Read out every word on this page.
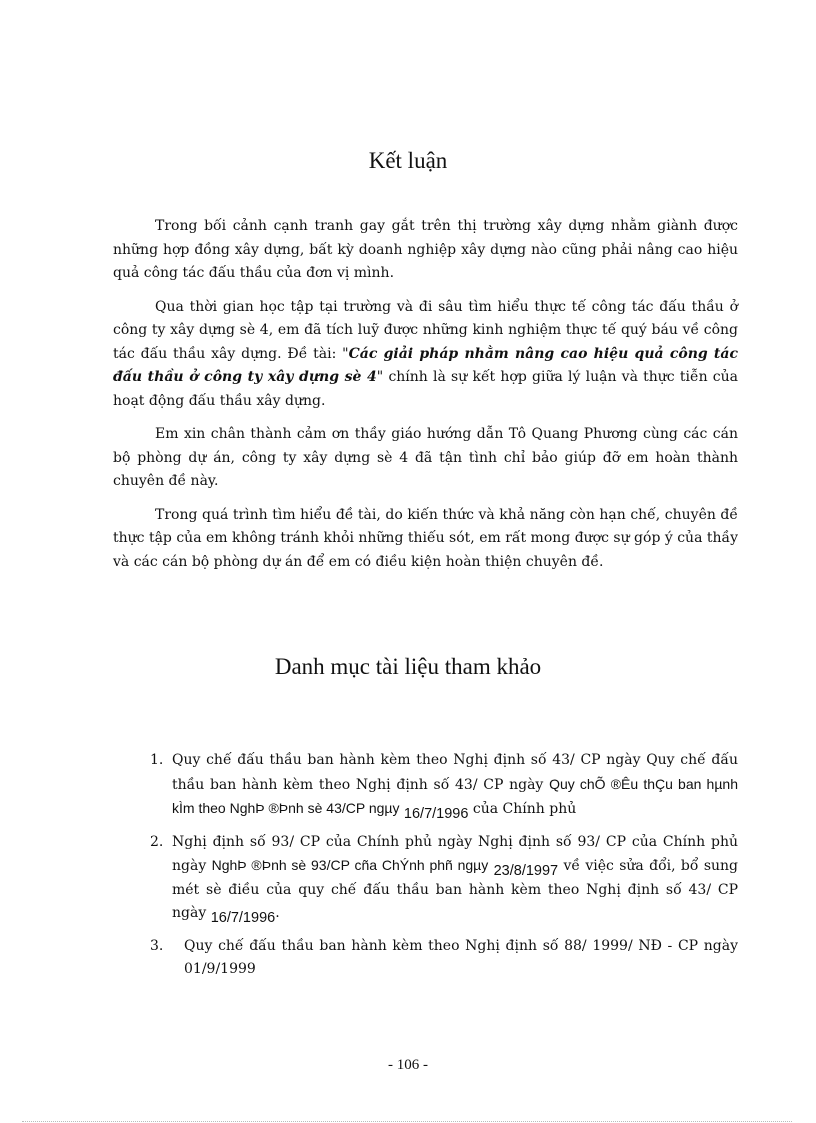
Kết luận

Trong bối cảnh cạnh tranh gay gắt trên thị trường xây dựng nhằm giành được những hợp đồng xây dựng, bất kỳ doanh nghiệp xây dựng nào cũng phải nâng cao hiệu quả công tác đấu thầu của đơn vị mình.

Qua thời gian học tập tại trường và đi sâu tìm hiểu thực tế công tác đấu thầu ở công ty xây dựng sè 4, em đã tích luỹ được những kinh nghiệm thực tế quý báu về công tác đấu thầu xây dựng. Đề tài: "Các giải pháp nhằm nâng cao hiệu quả công tác đấu thầu ở công ty xây dựng sè 4" chính là sự kết hợp giữa lý luận và thực tiễn của hoạt động đấu thầu xây dựng.

Em xin chân thành cảm ơn thầy giáo hướng dẫn Tô Quang Phương cùng các cán bộ phòng dự án, công ty xây dựng sè 4 đã tận tình chỉ bảo giúp đỡ em hoàn thành chuyên đề này.

Trong quá trình tìm hiểu đề tài, do kiến thức và khả năng còn hạn chế, chuyên đề thực tập của em không tránh khỏi những thiếu sót, em rất mong được sự góp ý của thầy và các cán bộ phòng dự án để em có điều kiện hoàn thiện chuyên đề.

Danh mục tài liệu tham khảo
1. Quy chế đấu thầu ban hành kèm theo Nghị định số 43/ CP ngày Quy chế đấu thầu ban hành kèm theo Nghị định số 43/ CP ngày Quy chÕ ®Êu thÇu ban hµnh kÌm theo NghÞ ®Þnh sè 43/CP ngµy 16/7/1996 của Chính phủ
2. Nghị định số 93/ CP của Chính phủ ngày Nghị định số 93/ CP của Chính phủ ngày NghÞ ®Þnh sè 93/CP cña ChÝnh phñ ngµy 23/8/1997 về việc sửa đổi, bổ sung mét sè điều của quy chế đấu thầu ban hành kèm theo Nghị định số 43/ CP ngày 16/7/1996.
3. Quy chế đấu thầu ban hành kèm theo Nghị định số 88/ 1999/ NĐ - CP ngày 01/9/1999
- 106 -
